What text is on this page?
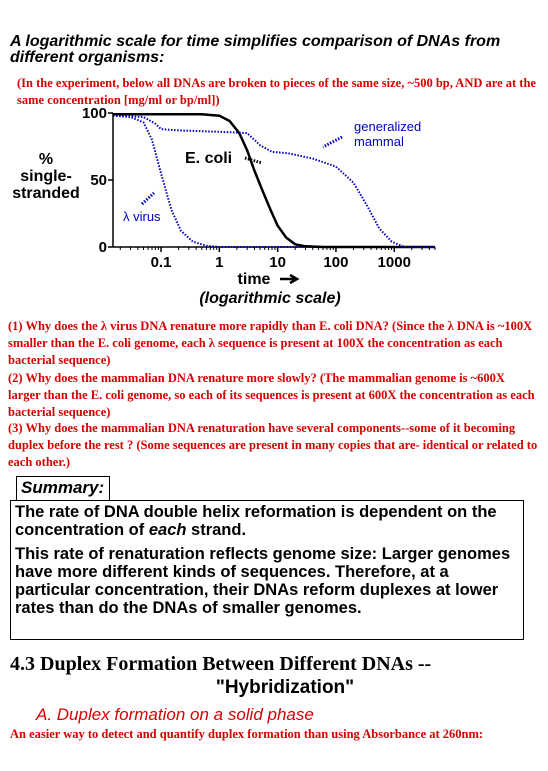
A logarithmic scale for time simplifies comparison of DNAs from different organisms:
(In the experiment, below all DNAs are broken to pieces of the same size, ~500 bp, AND are at the same concentration [mg/ml or bp/ml])
%
single-
stranded
0
50
100
0.1	1	10 100 1000
time
(logarithmic scale)
E. coli
λ virus
generalized
mammal
(1) Why does the λ virus DNA renature more rapidly than E. coli DNA? (Since the λ DNA is ~100X smaller than the E. coli genome, each λ sequence is present at 100X the concentration as each bacterial sequence)
(2) Why does the mammalian DNA renature more slowly? (The mammalian genome is ~600X larger than the E. coli genome, so each of its sequences is present at 600X the concentration as each bacterial sequence)
(3) Why does the mammalian DNA renaturation have several components--some of it becoming duplex before the rest ? (Some sequences are present in many copies that are- identical or related to each other.)
Summary:

The rate of DNA double helix reformation is dependent on the concentration of each strand.

This rate of renaturation reflects genome size: Larger genomes have more different kinds of sequences. Therefore, at a particular concentration, their DNAs reform duplexes at lower rates than do the DNAs of smaller genomes.

4.3 Duplex Formation Between Different DNAs --
"Hybridization"
A. Duplex formation on a solid phase
An easier way to detect and quantify duplex formation than using Absorbance at 260nm:
